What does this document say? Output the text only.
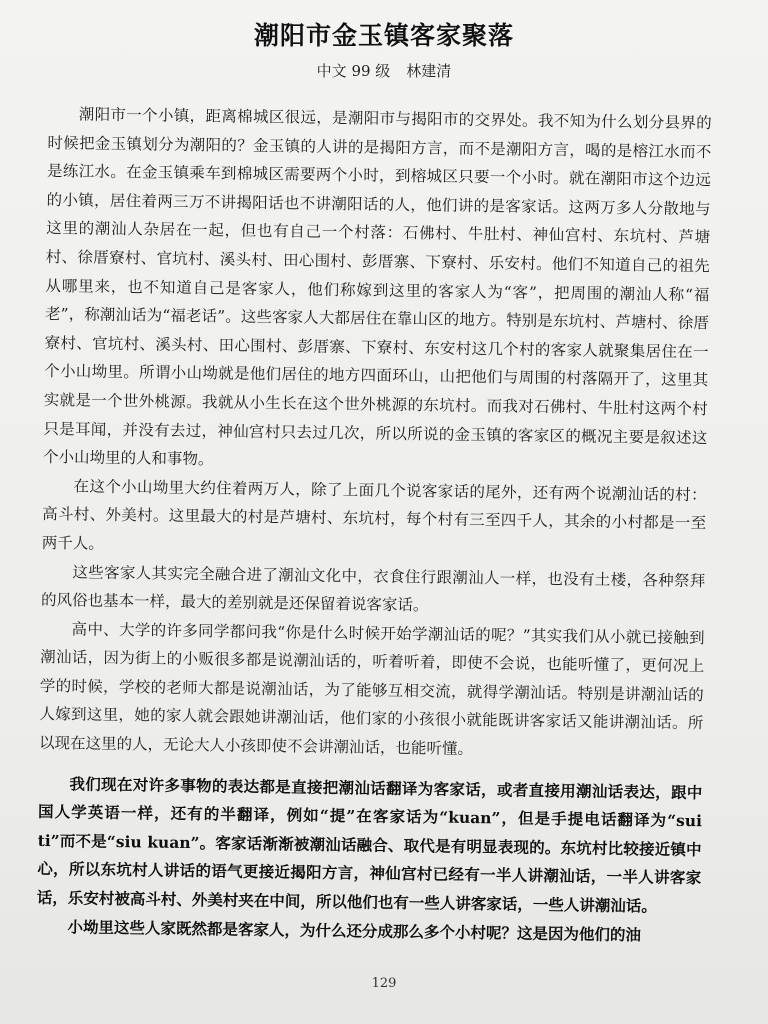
潮阳市金玉镇客家聚落
中文 99 级 林建清

潮阳市一个小镇，距离棉城区很远，是潮阳市与揭阳市的交界处。我不知为什么划分县界的时候把金玉镇划分为潮阳的？金玉镇的人讲的是揭阳方言，而不是潮阳方言，喝的是榕江水而不是练江水。在金玉镇乘车到棉城区需要两个小时，到榕城区只要一个小时。就在潮阳市这个边远的小镇，居住着两三万不讲揭阳话也不讲潮阳话的人，他们讲的是客家话。这两万多人分散地与这里的潮汕人杂居在一起，但也有自己一个村落：石佛村、牛肚村、神仙宫村、东坑村、芦塘村、徐厝寮村、官坑村、溪头村、田心围村、彭厝寨、下寮村、乐安村。他们不知道自己的祖先从哪里来，也不知道自己是客家人，他们称嫁到这里的客家人为“客”，把周围的潮汕人称“福老”，称潮汕话为“福老话”。这些客家人大都居住在靠山区的地方。特别是东坑村、芦塘村、徐厝寮村、官坑村、溪头村、田心围村、彭厝寨、下寮村、东安村这几个村的客家人就聚集居住在一个小山坳里。所谓小山坳就是他们居住的地方四面环山，山把他们与周围的村落隔开了，这里其实就是一个世外桃源。我就从小生长在这个世外桃源的东坑村。而我对石佛村、牛肚村这两个村只是耳闻，并没有去过，神仙宫村只去过几次，所以所说的金玉镇的客家区的概况主要是叙述这个小山坳里的人和事物。

在这个小山坳里大约住着两万人，除了上面几个说客家话的尾外，还有两个说潮汕话的村：高斗村、外美村。这里最大的村是芦塘村、东坑村，每个村有三至四千人，其余的小村都是一至两千人。

这些客家人其实完全融合进了潮汕文化中，衣食住行跟潮汕人一样，也没有土楼，各种祭拜的风俗也基本一样，最大的差别就是还保留着说客家话。

高中、大学的许多同学都问我“你是什么时候开始学潮汕话的呢？”其实我们从小就已接触到潮汕话，因为街上的小贩很多都是说潮汕话的，听着听着，即使不会说，也能听懂了，更何况上学的时候，学校的老师大都是说潮汕话，为了能够互相交流，就得学潮汕话。特别是讲潮汕话的人嫁到这里，她的家人就会跟她讲潮汕话，他们家的小孩很小就能既讲客家话又能讲潮汕话。所以现在这里的人，无论大人小孩即使不会讲潮汕话，也能听懂。

我们现在对许多事物的表达都是直接把潮汕话翻译为客家话，或者直接用潮汕话表达，跟中国人学英语一样，还有的半翻译，例如“提”在客家话为“kuan”，但是手提电话翻译为“sui ti”而不是“siu kuan”。客家话渐渐被潮汕话融合、取代是有明显表现的。东坑村比较接近镇中心，所以东坑村人讲话的语气更接近揭阳方言，神仙宫村已经有一半人讲潮汕话，一半人讲客家话，乐安村被高斗村、外美村夹在中间，所以他们也有一些人讲客家话，一些人讲潮汕话。

小坳里这些人家既然都是客家人，为什么还分成那么多个小村呢？这是因为他们的油

129
